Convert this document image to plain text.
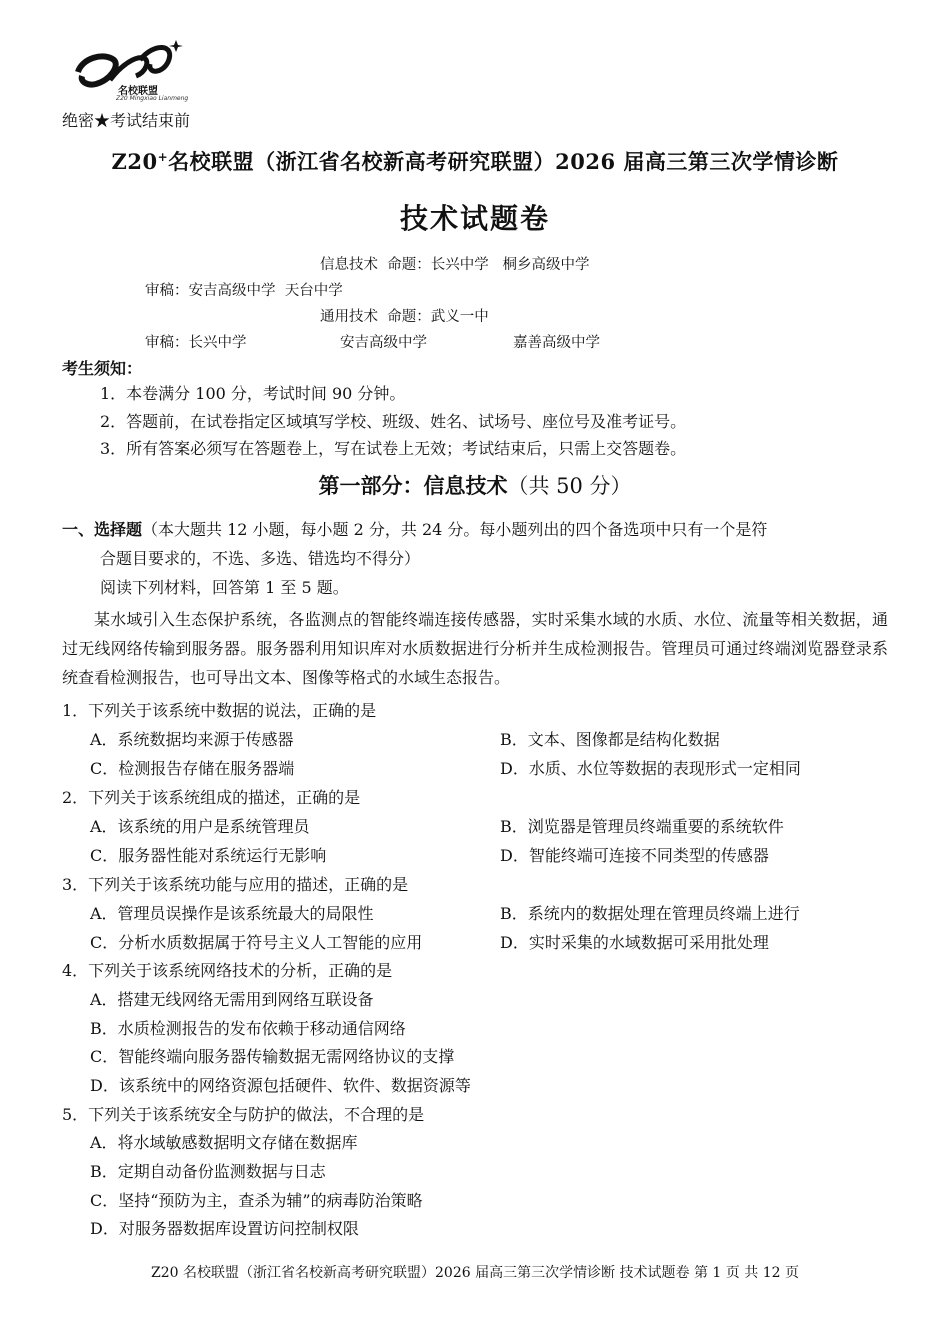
名校联盟
Z20 Mingxiao Lianmeng
绝密★考试结束前
Z20+名校联盟（浙江省名校新高考研究联盟）2026 届高三第三次学情诊断
技术试题卷
信息技术  命题：长兴中学   桐乡高级中学
审稿：安吉高级中学  天台中学
通用技术  命题：武义一中
审稿：长兴中学	安吉高级中学	嘉善高级中学
考生须知：
1．本卷满分 100 分，考试时间 90 分钟。
2．答题前，在试卷指定区域填写学校、班级、姓名、试场号、座位号及准考证号。
3．所有答案必须写在答题卷上，写在试卷上无效；考试结束后，只需上交答题卷。
第一部分：信息技术（共 50 分）
一、选择题（本大题共 12 小题，每小题 2 分，共 24 分。每小题列出的四个备选项中只有一个是符
合题目要求的，不选、多选、错选均不得分）
阅读下列材料，回答第 1 至 5 题。
某水域引入生态保护系统，各监测点的智能终端连接传感器，实时采集水域的水质、水位、流量等相关数据，通过无线网络传输到服务器。服务器利用知识库对水质数据进行分析并生成检测报告。管理员可通过终端浏览器登录系统查看检测报告，也可导出文本、图像等格式的水域生态报告。
1．下列关于该系统中数据的说法，正确的是
A．系统数据均来源于传感器	B．文本、图像都是结构化数据
C．检测报告存储在服务器端	D．水质、水位等数据的表现形式一定相同
2．下列关于该系统组成的描述，正确的是
A．该系统的用户是系统管理员	B．浏览器是管理员终端重要的系统软件
C．服务器性能对系统运行无影响	D．智能终端可连接不同类型的传感器
3．下列关于该系统功能与应用的描述，正确的是
A．管理员误操作是该系统最大的局限性	B．系统内的数据处理在管理员终端上进行
C．分析水质数据属于符号主义人工智能的应用	D．实时采集的水域数据可采用批处理
4．下列关于该系统网络技术的分析，正确的是
A．搭建无线网络无需用到网络互联设备
B．水质检测报告的发布依赖于移动通信网络
C．智能终端向服务器传输数据无需网络协议的支撑
D．该系统中的网络资源包括硬件、软件、数据资源等
5．下列关于该系统安全与防护的做法，不合理的是
A．将水域敏感数据明文存储在数据库
B．定期自动备份监测数据与日志
C．坚持“预防为主，查杀为辅”的病毒防治策略
D．对服务器数据库设置访问控制权限
Z20 名校联盟（浙江省名校新高考研究联盟）2026 届高三第三次学情诊断 技术试题卷 第 1 页 共 12 页
